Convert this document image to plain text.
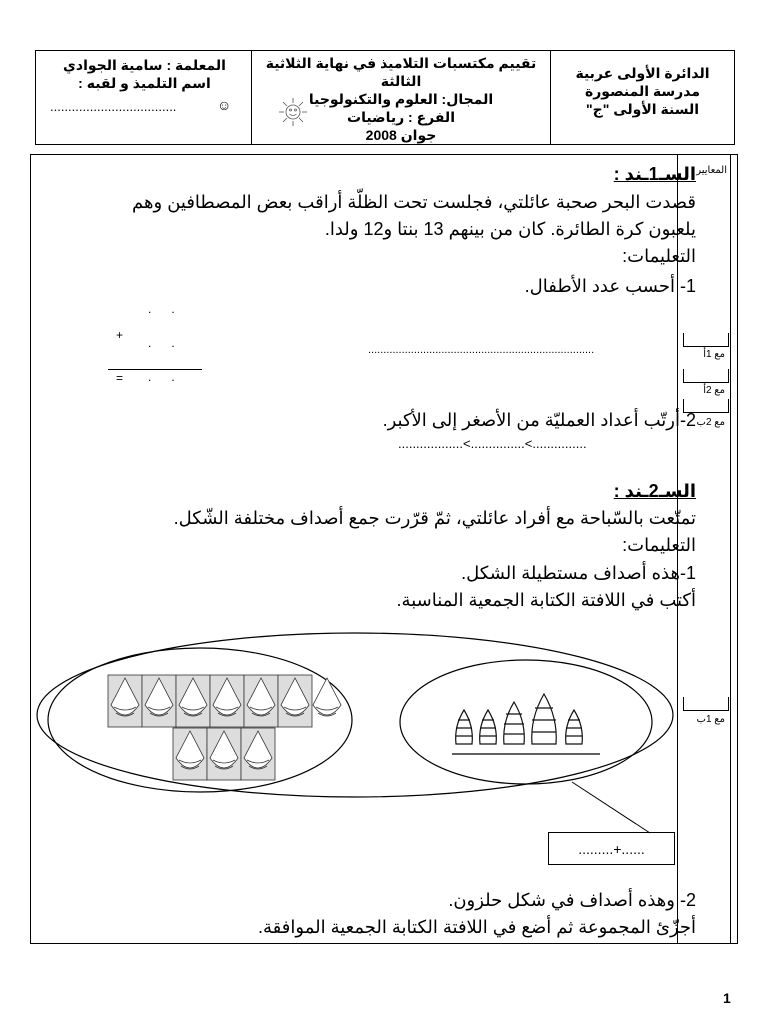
الدائرة الأولى عربية
مدرسة المنصورة
السنة الأولى "ج"
تقييم مكتسبات التلاميذ في نهاية الثلاثية الثالثة
المجال: العلوم والتكنولوجيا
الفرع : رياضيات
جوان 2008
المعلمة : سامية الجوادي
اسم التلميذ و لقبه :
...................................	☺
المعايير
مع 1أ
مع 2أ
مع 2ب
مع 1ب
السـ1ـند :
قصدت البحر صحبة عائلتي، فجلست تحت الظلّة أراقب بعض المصطافين وهم
يلعبون كرة الطائرة. كان من بينهم 13 بنتا و12 ولدا.
التعليمات:
1- أحسب عدد الأطفال.
.      .
+
.      .
= .      .
..........................................................................
2-أرتّب أعداد العمليّة من الأصغر إلى الأكبر.
..................<...............<...............
السـ2ـند :
تمتّعت بالسّباحة مع أفراد عائلتي، ثمّ قرّرت جمع أصداف مختلفة الشّكل.
التعليمات:
1-هذه أصداف مستطيلة الشكل.
أكتب في اللافتة الكتابة الجمعية المناسبة.
.........+......
2- وهذه أصداف في شكل حلزون.
أجزّئ المجموعة ثم أضع في اللافتة الكتابة الجمعية الموافقة.
1
